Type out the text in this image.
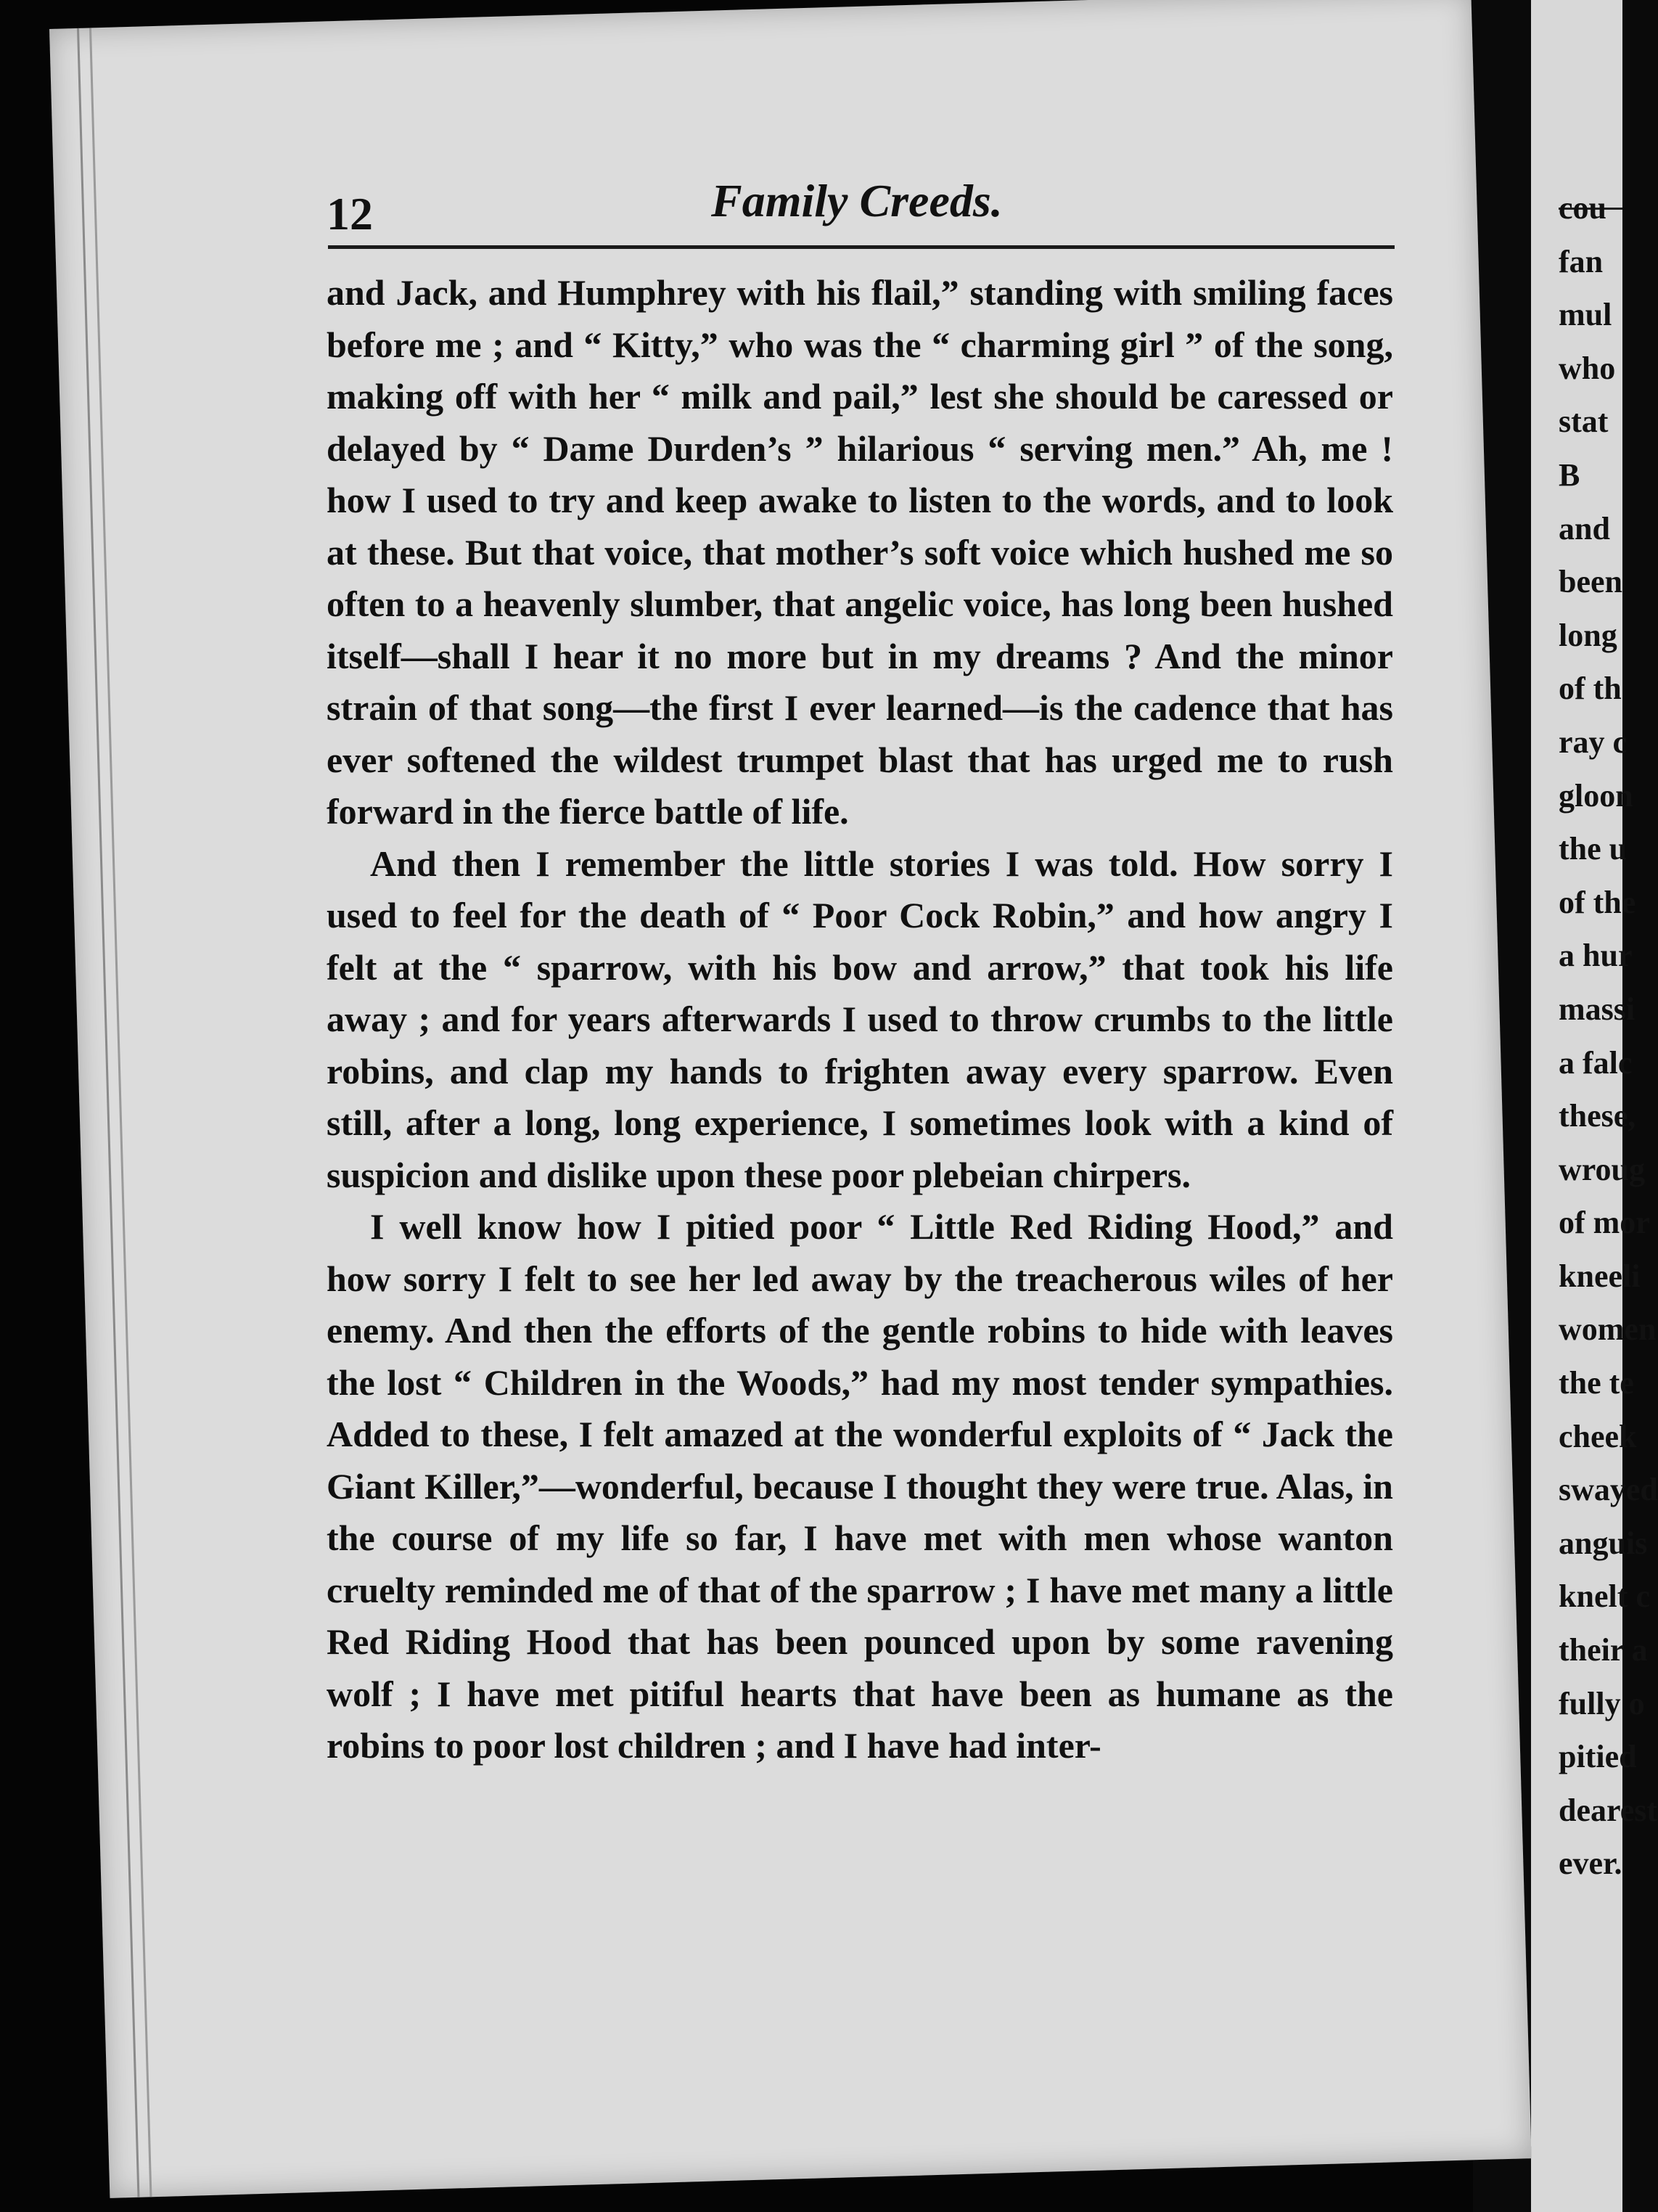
cou
fan
mul
who
stat
B
and
been
long
of th
ray c
gloon
the u
of the
a hur
massi
a falc
these,
wroug
of mor
kneeli
women
the te
cheek
swayed
anguis
knelt c
their a
fully o
pitied
dearest
ever.
12	Family Creeds.

and Jack, and Humphrey with his flail,” standing with smiling faces before me ; and “ Kitty,” who was the “ charming girl ” of the song, making off with her “ milk and pail,” lest she should be caressed or delayed by “ Dame Durden’s ” hilarious “ serving men.” Ah, me ! how I used to try and keep awake to listen to the words, and to look at these. But that voice, that mother’s soft voice which hushed me so often to a heavenly slumber, that angelic voice, has long been hushed itself—shall I hear it no more but in my dreams ? And the minor strain of that song—the first I ever learned—is the cadence that has ever softened the wildest trumpet blast that has urged me to rush forward in the fierce battle of life.

And then I remember the little stories I was told. How sorry I used to feel for the death of “ Poor Cock Robin,” and how angry I felt at the “ sparrow, with his bow and arrow,” that took his life away ; and for years afterwards I used to throw crumbs to the little robins, and clap my hands to frighten away every sparrow. Even still, after a long, long experience, I sometimes look with a kind of suspicion and dislike upon these poor plebeian chirpers.

I well know how I pitied poor “ Little Red Riding Hood,” and how sorry I felt to see her led away by the treacherous wiles of her enemy. And then the efforts of the gentle robins to hide with leaves the lost “ Children in the Woods,” had my most tender sympathies. Added to these, I felt amazed at the wonderful exploits of “ Jack the Giant Killer,”—wonderful, because I thought they were true. Alas, in the course of my life so far, I have met with men whose wanton cruelty reminded me of that of the sparrow ; I have met many a little Red Riding Hood that has been pounced upon by some ravening wolf ; I have met pitiful hearts that have been as humane as the robins to poor lost children ; and I have had inter-
